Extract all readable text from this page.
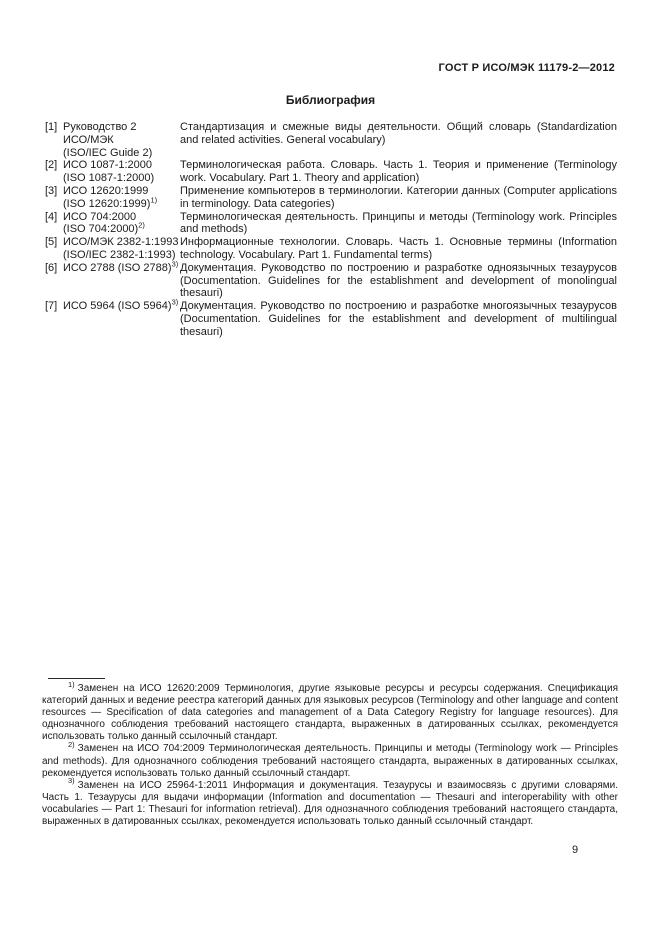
ГОСТ Р ИСО/МЭК 11179-2—2012
Библиография
[1] Руководство 2
ИСО/МЭК
(ISO/IEC Guide 2)
Стандартизация и смежные виды деятельности. Общий словарь (Standardization and related activities. General vocabulary)
[2] ИСО 1087-1:2000
(ISO 1087-1:2000)
Терминологическая работа. Словарь. Часть 1. Теория и применение (Terminology work. Vocabulary. Part 1. Theory and application)
[3] ИСО 12620:1999
(ISO 12620:1999)$^{1)}$
Применение компьютеров в терминологии. Категории данных (Computer applications in terminology. Data categories)
[4] ИСО 704:2000
(ISO 704:2000)$^{2)}$
Терминологическая деятельность. Принципы и методы (Terminology work. Principles and methods)
[5] ИСО/МЭК 2382-1:1993
(ISO/IEC 2382-1:1993)
Информационные технологии. Словарь. Часть 1. Основные термины (Information technology. Vocabulary. Part 1. Fundamental terms)
[6] ИСО 2788 (ISO 2788)$^{3)}$ Документация. Руководство по построению и разработке одноязычных тезаурусов (Documentation. Guidelines for the establishment and development of monolingual thesauri)
[7] ИСО 5964 (ISO 5964)$^{3)}$ Документация. Руководство по построению и разработке многоязычных тезаурусов (Documentation. Guidelines for the establishment and development of multilingual thesauri)

$^{1)}$ Заменен на ИСО 12620:2009 Терминология, другие языковые ресурсы и ресурсы содержания. Спецификация категорий данных и ведение реестра категорий данных для языковых ресурсов (Terminology and other language and content resources — Specification of data categories and management of a Data Category Registry for language resources). Для однозначного соблюдения требований настоящего стандарта, выраженных в датированных ссылках, рекомендуется использовать только данный ссылочный стандарт.

$^{2)}$ Заменен на ИСО 704:2009 Терминологическая деятельность. Принципы и методы (Terminology work — Principles and methods). Для однозначного соблюдения требований настоящего стандарта, выраженных в датированных ссылках, рекомендуется использовать только данный ссылочный стандарт.

$^{3)}$ Заменен на ИСО 25964-1:2011 Информация и документация. Тезаурусы и взаимосвязь с другими словарями. Часть 1. Тезаурусы для выдачи информации (Information and documentation — Thesauri and interoperability with other vocabularies — Part 1: Thesauri for information retrieval). Для однозначного соблюдения требований настоящего стандарта, выраженных в датированных ссылках, рекомендуется использовать только данный ссылочный стандарт.

9
